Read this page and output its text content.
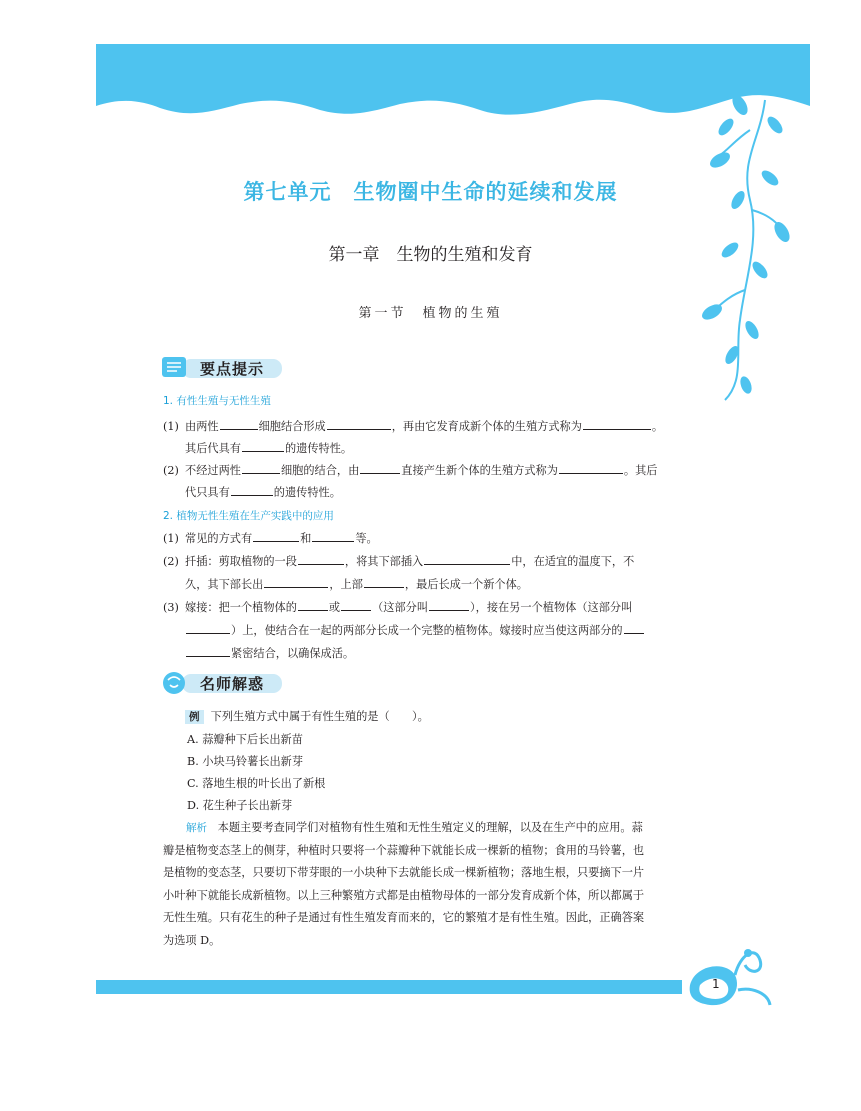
第七单元　生物圈中生命的延续和发展
第一章　生物的生殖和发育
第一节　植物的生殖
要点提示
1. 有性生殖与无性生殖
(1) 由两性	细胞结合形成	，再由它发育成新个体的生殖方式称为	。
其后代具有	的遗传特性。
(2) 不经过两性	细胞的结合，由	直接产生新个体的生殖方式称为	。其后
代只具有	的遗传特性。
2. 植物无性生殖在生产实践中的应用
(1) 常见的方式有	和	等。
(2) 扦插：剪取植物的一段	，将其下部插入	中，在适宜的温度下，不
久，其下部长出	，上部	，最后长成一个新个体。
(3) 嫁接：把一个植物体的	或	（这部分叫	），接在另一个植物体（这部分叫
）上，使结合在一起的两部分长成一个完整的植物体。嫁接时应当使这两部分的
紧密结合，以确保成活。
名师解惑
例 下列生殖方式中属于有性生殖的是（　　）。
A. 蒜瓣种下后长出新苗
B. 小块马铃薯长出新芽
C. 落地生根的叶长出了新根
D. 花生种子长出新芽
解析 本题主要考查同学们对植物有性生殖和无性生殖定义的理解，以及在生产中的应用。蒜
瓣是植物变态茎上的侧芽，种植时只要将一个蒜瓣种下就能长成一棵新的植物；食用的马铃薯，也
是植物的变态茎，只要切下带芽眼的一小块种下去就能长成一棵新植物；落地生根，只要摘下一片
小叶种下就能长成新植物。以上三种繁殖方式都是由植物母体的一部分发育成新个体，所以都属于
无性生殖。只有花生的种子是通过有性生殖发育而来的，它的繁殖才是有性生殖。因此，正确答案
为选项 D。
1
